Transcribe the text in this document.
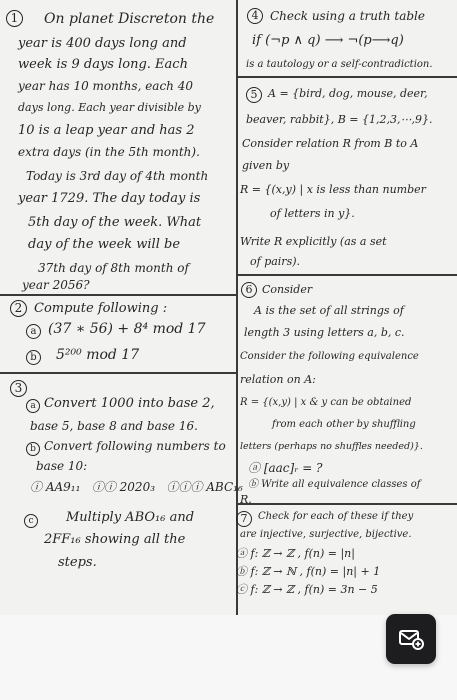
1	On planet Discreton the
year is 400 days long and
week is 9 days long. Each
year has 10 months, each 40
days long. Each year divisible by
10 is a leap year and has 2
extra days (in the 5th month).
Today is 3rd day of 4th month
year 1729. The day today is
5th day of the week. What
day of the week will be
37th day of 8th month of
year 2056?
2 Compute following :
a (37 ∗ 56) + 8⁴ mod 17
b	5²⁰⁰ mod 17
3
a Convert 1000 into base 2,
base 5, base 8 and base 16.
b Convert following numbers to
base 10:
ⓘ AA9₁₁   ⓘⓘ 2020₃   ⓘⓘⓘ ABC₁₆
c	Multiply ABO₁₆ and
2FF₁₆ showing all the
steps.
4 Check using a truth table
if (¬p ∧ q) ⟶ ¬(p⟶q)
is a tautology or a self-contradiction.
5 A = {bird, dog, mouse, deer,
beaver, rabbit}, B = {1,2,3,⋯,9}.
Consider relation R from B to A
given by
R = {(x,y) | x is less than number
of letters in y}.
Write R explicitly (as a set
of pairs).
6 Consider
A is the set of all strings of
length 3 using letters a, b, c.
Consider the following equivalence
relation on A:
R = {(x,y) | x & y can be obtained
from each other by shuffling
letters (perhaps no shuffles needed)}.
ⓐ [aac]ᵣ = ?
ⓑ Write all equivalence classes of
R.
7	Check for each of these if they
are injective, surjective, bijective.
ⓐ f: ℤ → ℤ , f(n) = |n|
ⓑ f: ℤ → ℕ , f(n) = |n| + 1
ⓒ f: ℤ → ℤ , f(n) = 3n − 5
